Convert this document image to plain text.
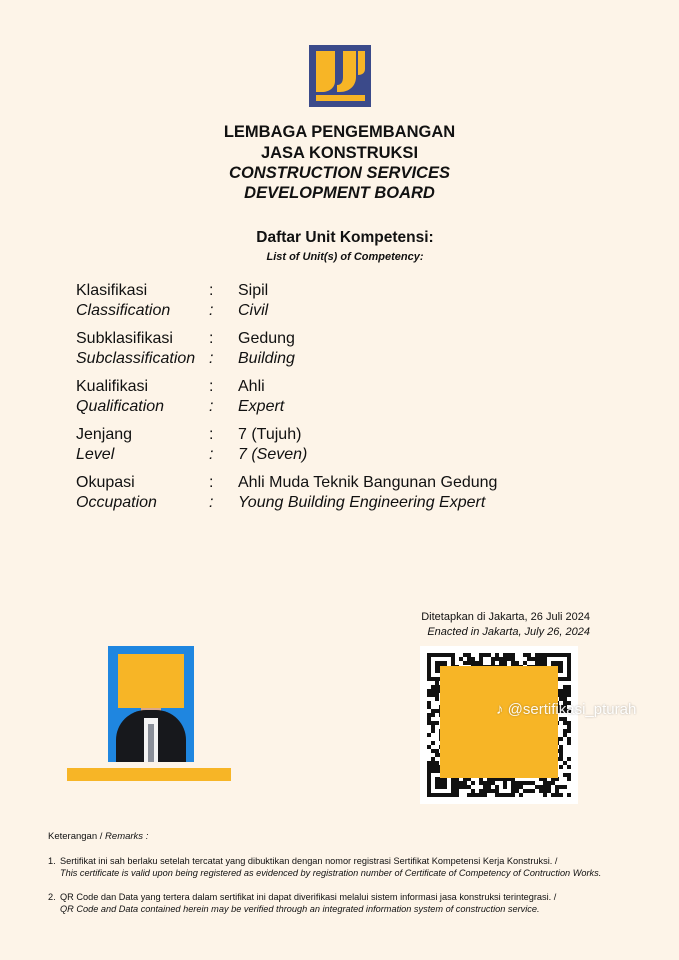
LEMBAGA PENGEMBANGAN
JASA KONSTRUKSI
CONSTRUCTION SERVICES
DEVELOPMENT BOARD
Daftar Unit Kompetensi:
List of Unit(s) of Competency:
Klasifikasi	: Sipil
Classification : Civil
Subklasifikasi : Gedung
Subclassification : Building
Kualifikasi	: Ahli
Qualification	: Expert
Jenjang	: 7 (Tujuh)
Level	: 7 (Seven)
Okupasi	: Ahli Muda Teknik Bangunan Gedung
Occupation	: Young Building Engineering Expert
Ditetapkan di Jakarta, 26 Juli 2024
Enacted in Jakarta, July 26, 2024
♪ @sertifikasi_pturah
Keterangan / Remarks :
1. Sertifikat ini sah berlaku setelah tercatat yang dibuktikan dengan nomor registrasi Sertifikat Kompetensi Kerja Konstruksi. /
This certificate is valid upon being registered as evidenced by registration number of Certificate of Competency of Contruction Works.
2. QR Code dan Data yang tertera dalam sertifikat ini dapat diverifikasi melalui sistem informasi jasa konstruksi terintegrasi. /
QR Code and Data contained herein may be verified through an integrated information system of construction service.
